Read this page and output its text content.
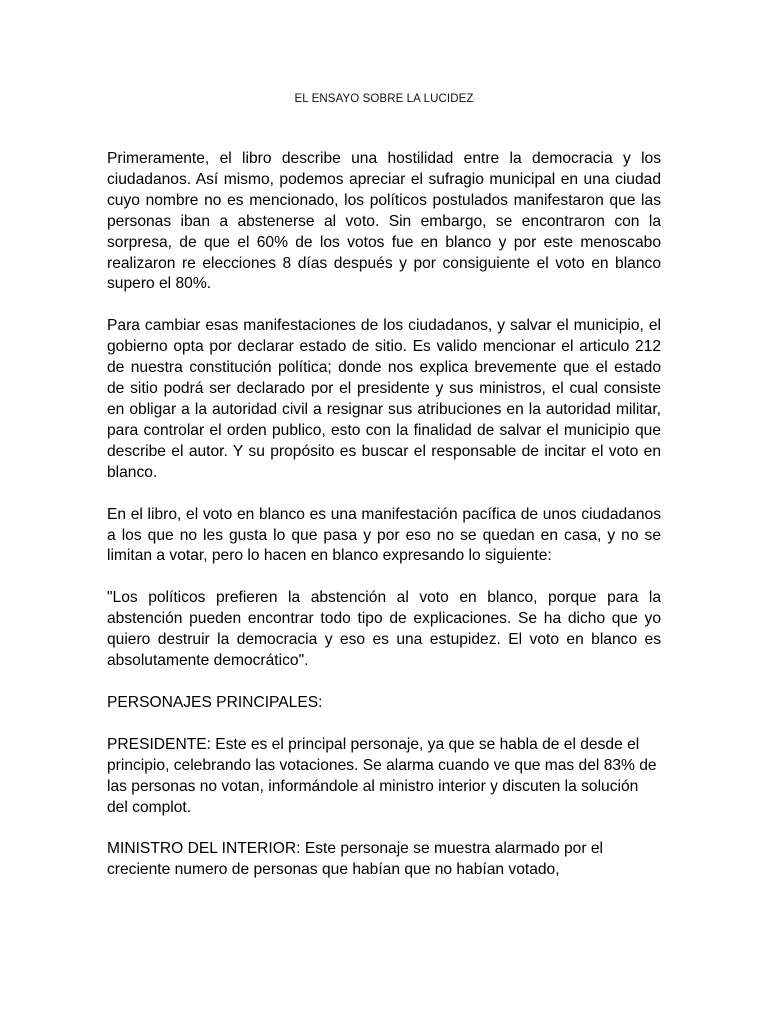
EL ENSAYO SOBRE LA LUCIDEZ

Primeramente, el libro describe una hostilidad entre la democracia y los ciudadanos. Así mismo, podemos apreciar el sufragio municipal en una ciudad cuyo nombre no es mencionado, los políticos postulados manifestaron que las personas iban a abstenerse al voto. Sin embargo, se encontraron con la sorpresa, de que el 60% de los votos fue en blanco y por este menoscabo realizaron re elecciones 8 días después y por consiguiente el voto en blanco supero el 80%.

Para cambiar esas manifestaciones de los ciudadanos, y salvar el municipio, el gobierno opta por declarar estado de sitio. Es valido mencionar el articulo 212 de nuestra constitución política; donde nos explica brevemente que el estado de sitio podrá ser declarado por el presidente y sus ministros, el cual consiste en obligar a la autoridad civil a resignar sus atribuciones en la autoridad militar, para controlar el orden publico, esto con la finalidad de salvar el municipio que describe el autor. Y su propósito es buscar el responsable de incitar el voto en blanco.

En el libro, el voto en blanco es una manifestación pacífica de unos ciudadanos a los que no les gusta lo que pasa y por eso no se quedan en casa, y no se limitan a votar, pero lo hacen en blanco expresando lo siguiente:

"Los políticos prefieren la abstención al voto en blanco, porque para la abstención pueden encontrar todo tipo de explicaciones. Se ha dicho que yo quiero destruir la democracia y eso es una estupidez. El voto en blanco es absolutamente democrático".

PERSONAJES PRINCIPALES:

PRESIDENTE: Este es el principal personaje, ya que se habla de el desde el principio, celebrando las votaciones. Se alarma cuando ve que mas del 83% de las personas no votan, informándole al ministro interior y discuten la solución del complot.

MINISTRO DEL INTERIOR: Este personaje se muestra alarmado por el creciente numero de personas que habían que no habían votado,
